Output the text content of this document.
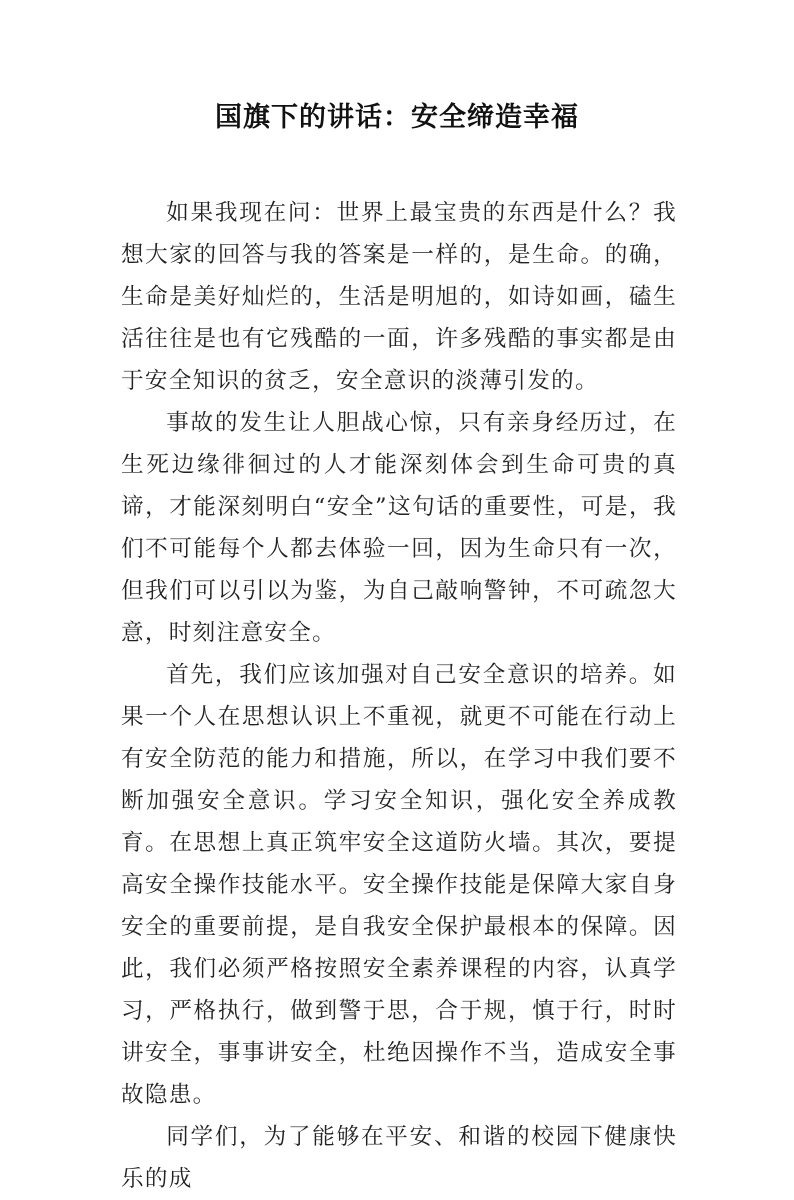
国旗下的讲话：安全缔造幸福

如果我现在问：世界上最宝贵的东西是什么？我想大家的回答与我的答案是一样的，是生命。的确，生命是美好灿烂的，生活是明旭的，如诗如画，磕生活往往是也有它残酷的一面，许多残酷的事实都是由于安全知识的贫乏，安全意识的淡薄引发的。

事故的发生让人胆战心惊，只有亲身经历过，在生死边缘徘徊过的人才能深刻体会到生命可贵的真谛，才能深刻明白“安全”这句话的重要性，可是，我们不可能每个人都去体验一回，因为生命只有一次，但我们可以引以为鉴，为自己敲响警钟，不可疏忽大意，时刻注意安全。

首先，我们应该加强对自己安全意识的培养。如果一个人在思想认识上不重视，就更不可能在行动上有安全防范的能力和措施，所以，在学习中我们要不断加强安全意识。学习安全知识，强化安全养成教育。在思想上真正筑牢安全这道防火墙。其次，要提高安全操作技能水平。安全操作技能是保障大家自身安全的重要前提，是自我安全保护最根本的保障。因此，我们必须严格按照安全素养课程的内容，认真学习，严格执行，做到警于思，合于规，慎于行，时时讲安全，事事讲安全，杜绝因操作不当，造成安全事故隐患。

同学们，为了能够在平安、和谐的校园下健康快乐的成
